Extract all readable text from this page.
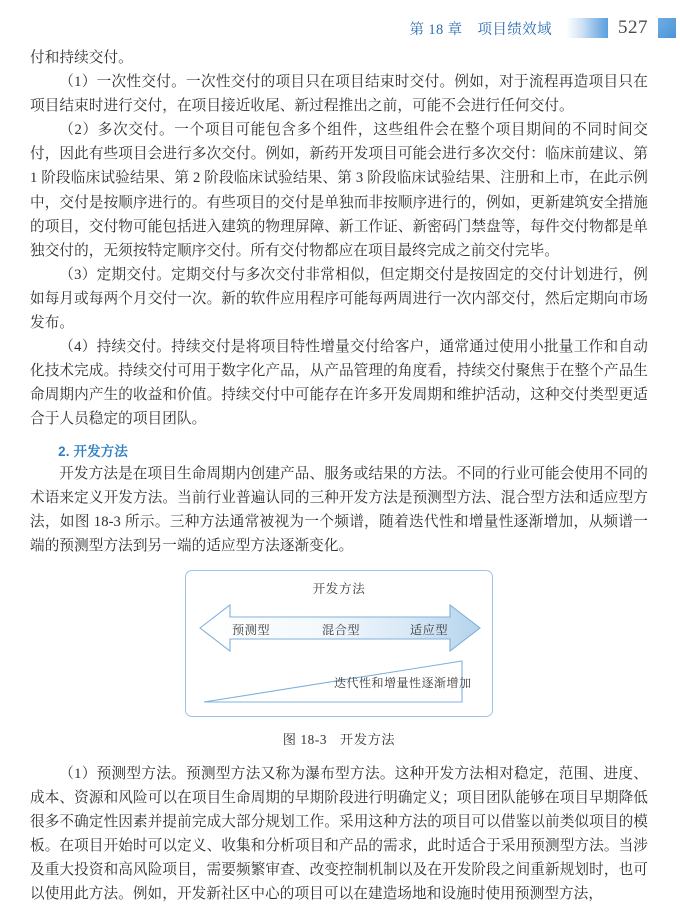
第 18 章　项目绩效域	527

付和持续交付。

（1）一次性交付。一次性交付的项目只在项目结束时交付。例如，对于流程再造项目只在项目结束时进行交付，在项目接近收尾、新过程推出之前，可能不会进行任何交付。

（2）多次交付。一个项目可能包含多个组件，这些组件会在整个项目期间的不同时间交付，因此有些项目会进行多次交付。例如，新药开发项目可能会进行多次交付：临床前建议、第 1 阶段临床试验结果、第 2 阶段临床试验结果、第 3 阶段临床试验结果、注册和上市，在此示例中，交付是按顺序进行的。有些项目的交付是单独而非按顺序进行的，例如，更新建筑安全措施的项目，交付物可能包括进入建筑的物理屏障、新工作证、新密码门禁盘等，每件交付物都是单独交付的，无须按特定顺序交付。所有交付物都应在项目最终完成之前交付完毕。

（3）定期交付。定期交付与多次交付非常相似，但定期交付是按固定的交付计划进行，例如每月或每两个月交付一次。新的软件应用程序可能每两周进行一次内部交付，然后定期向市场发布。

（4）持续交付。持续交付是将项目特性增量交付给客户，通常通过使用小批量工作和自动化技术完成。持续交付可用于数字化产品，从产品管理的角度看，持续交付聚焦于在整个产品生命周期内产生的收益和价值。持续交付中可能存在许多开发周期和维护活动，这种交付类型更适合于人员稳定的项目团队。

2. 开发方法

开发方法是在项目生命周期内创建产品、服务或结果的方法。不同的行业可能会使用不同的术语来定义开发方法。当前行业普遍认同的三种开发方法是预测型方法、混合型方法和适应型方法，如图 18-3 所示。三种方法通常被视为一个频谱，随着迭代性和增量性逐渐增加，从频谱一端的预测型方法到另一端的适应型方法逐渐变化。

开发方法
预测型	混合型	适应型
迭代性和增量性逐渐增加
图 18-3 开发方法

（1）预测型方法。预测型方法又称为瀑布型方法。这种开发方法相对稳定，范围、进度、成本、资源和风险可以在项目生命周期的早期阶段进行明确定义；项目团队能够在项目早期降低很多不确定性因素并提前完成大部分规划工作。采用这种方法的项目可以借鉴以前类似项目的模板。在项目开始时可以定义、收集和分析项目和产品的需求，此时适合于采用预测型方法。当涉及重大投资和高风险项目，需要频繁审查、改变控制机制以及在开发阶段之间重新规划时，也可以使用此方法。例如，开发新社区中心的项目可以在建造场地和设施时使用预测型方法，
